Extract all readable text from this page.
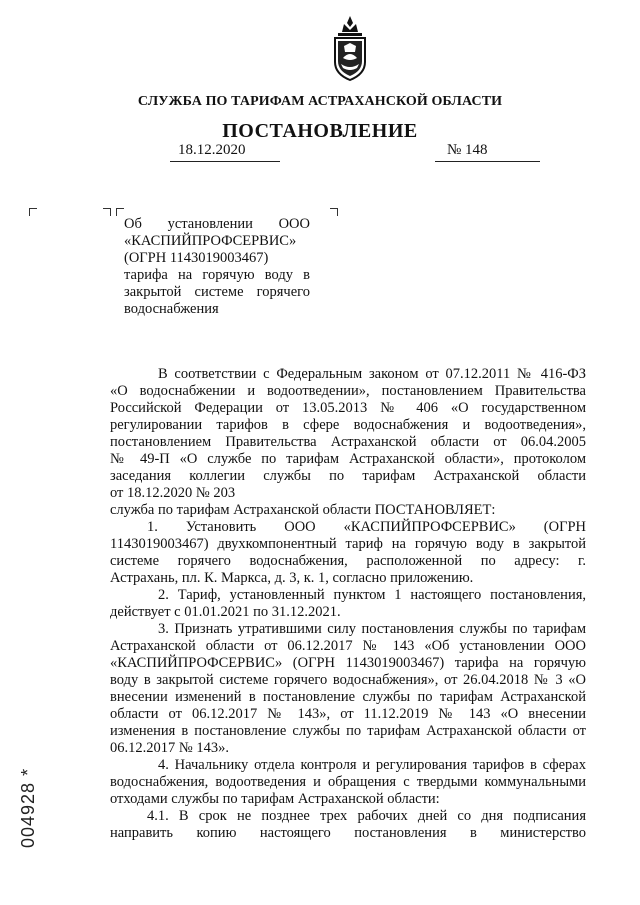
СЛУЖБА ПО ТАРИФАМ АСТРАХАНСКОЙ ОБЛАСТИ
ПОСТАНОВЛЕНИЕ
18.12.2020	№ 148
Об установлении ООО
«КАСПИЙПРОФСЕРВИС»
(ОГРН 1143019003467)
тарифа на горячую воду в
закрытой системе горячего
водоснабжения

В соответствии с Федеральным законом от 07.12.2011 № 416-ФЗ
«О водоснабжении и водоотведении», постановлением Правительства
Российской Федерации от 13.05.2013 № 406 «О государственном
регулировании тарифов в сфере водоснабжения и водоотведения»,
постановлением Правительства Астраханской области от 06.04.2005
№ 49-П «О службе по тарифам Астраханской области», протоколом
заседания коллегии службы по тарифам Астраханской области
от 18.12.2020 № 203

служба по тарифам Астраханской области ПОСТАНОВЛЯЕТ:

1. Установить ООО «КАСПИЙПРОФСЕРВИС» (ОГРН
1143019003467) двухкомпонентный тариф на горячую воду в закрытой
системе горячего водоснабжения, расположенной по адресу: г.
Астрахань, пл. К. Маркса, д. 3, к. 1, согласно приложению.

2. Тариф, установленный пунктом 1 настоящего постановления,
действует с 01.01.2021 по 31.12.2021.

3. Признать утратившими силу постановления службы по тарифам
Астраханской области от 06.12.2017 № 143 «Об установлении ООО
«КАСПИЙПРОФСЕРВИС» (ОГРН 1143019003467) тарифа на горячую
воду в закрытой системе горячего водоснабжения», от 26.04.2018 № 3 «О
внесении изменений в постановление службы по тарифам Астраханской
области от 06.12.2017 № 143», от 11.12.2019 № 143 «О внесении
изменения в постановление службы по тарифам Астраханской области от
06.12.2017 № 143».

4. Начальнику отдела контроля и регулирования тарифов в сферах
водоснабжения, водоотведения и обращения с твердыми коммунальными
отходами службы по тарифам Астраханской области:

4.1. В срок не позднее трех рабочих дней со дня подписания
направить копию настоящего постановления в министерство

004928 *
